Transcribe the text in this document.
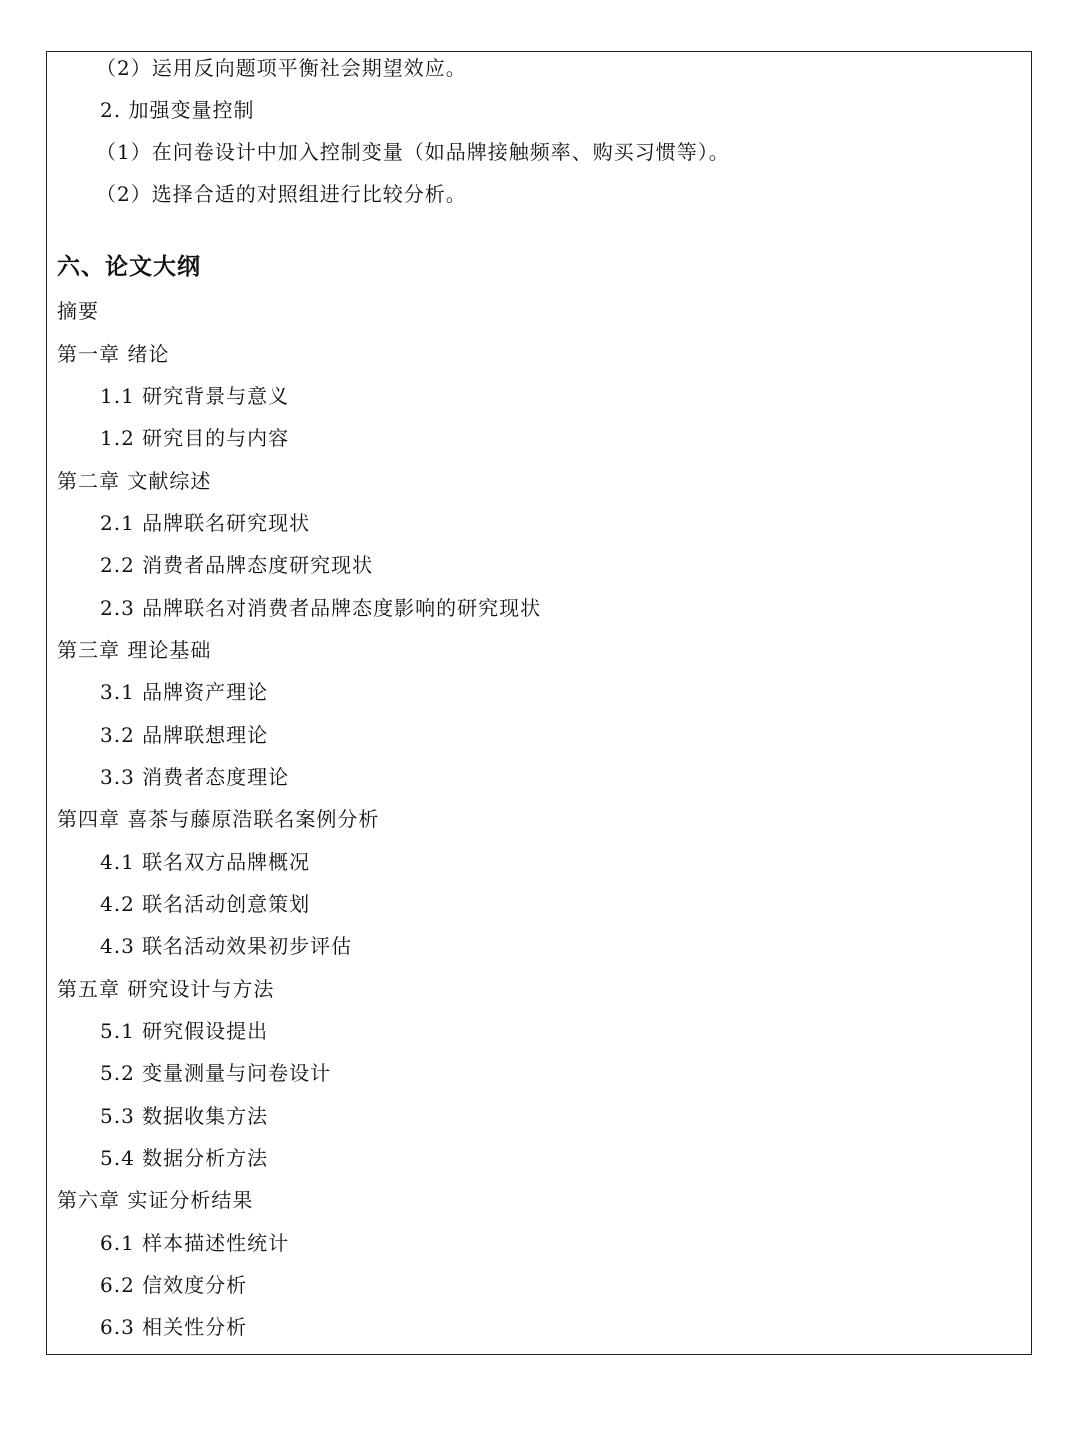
（2）运用反向题项平衡社会期望效应。
2. 加强变量控制
（1）在问卷设计中加入控制变量（如品牌接触频率、购买习惯等）。
（2）选择合适的对照组进行比较分析。
六、论文大纲
摘要
第一章 绪论
1.1 研究背景与意义
1.2 研究目的与内容
第二章 文献综述
2.1 品牌联名研究现状
2.2 消费者品牌态度研究现状
2.3 品牌联名对消费者品牌态度影响的研究现状
第三章 理论基础
3.1 品牌资产理论
3.2 品牌联想理论
3.3 消费者态度理论
第四章 喜茶与藤原浩联名案例分析
4.1 联名双方品牌概况
4.2 联名活动创意策划
4.3 联名活动效果初步评估
第五章 研究设计与方法
5.1 研究假设提出
5.2 变量测量与问卷设计
5.3 数据收集方法
5.4 数据分析方法
第六章 实证分析结果
6.1 样本描述性统计
6.2 信效度分析
6.3 相关性分析
